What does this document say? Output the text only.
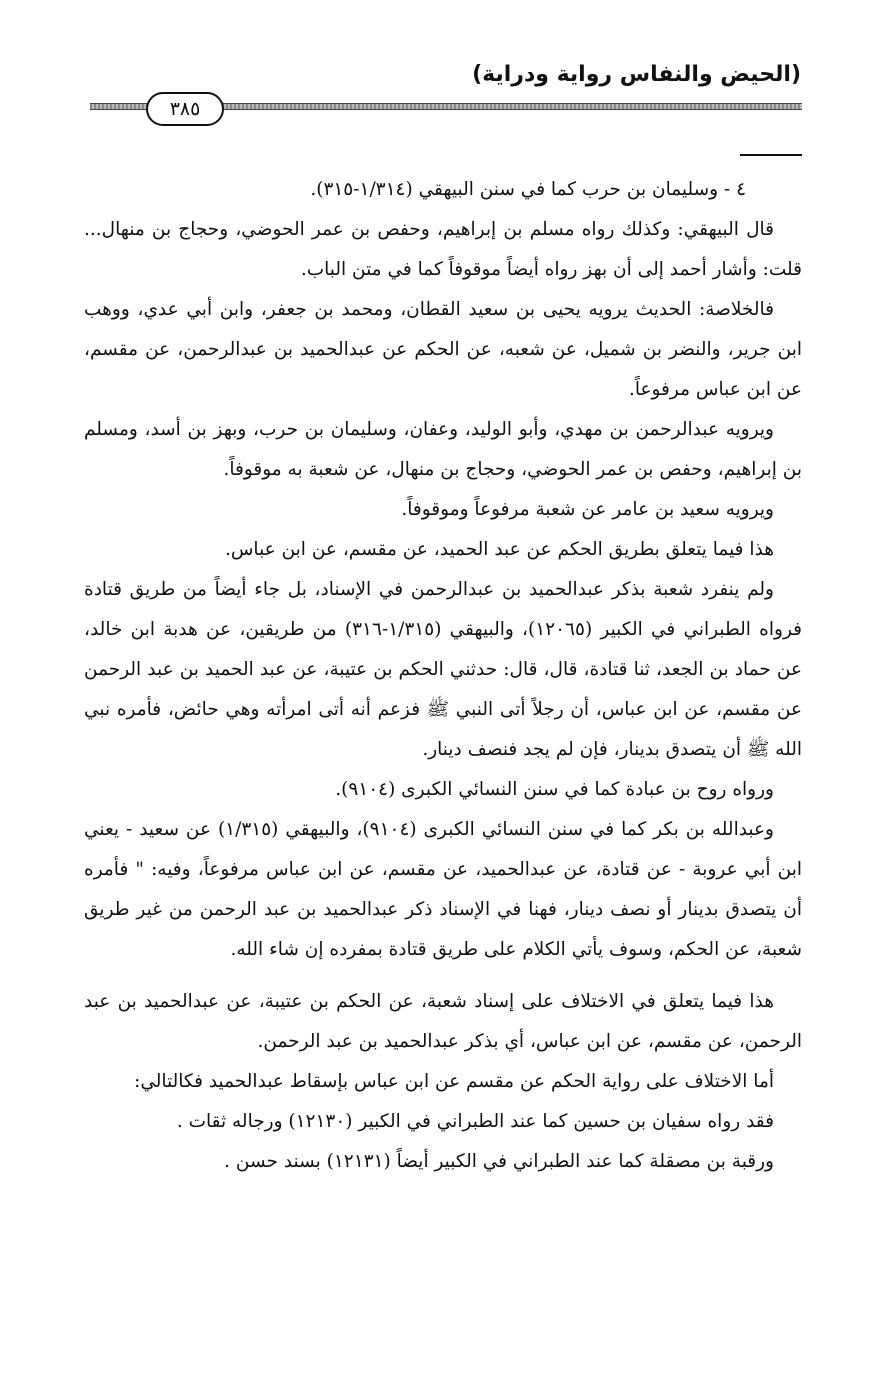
(الحيض والنفاس رواية ودراية)
٣٨٥

٤ - وسليمان بن حرب كما في سنن البيهقي (١/٣١٤-٣١٥).

قال البيهقي: وكذلك رواه مسلم بن إبراهيم، وحفص بن عمر الحوضي، وحجاج بن منهال... قلت: وأشار أحمد إلى أن بهز رواه أيضاً موقوفاً كما في متن الباب.

فالخلاصة: الحديث يرويه يحيى بن سعيد القطان، ومحمد بن جعفر، وابن أبي عدي، ووهب ابن جرير، والنضر بن شميل، عن شعبه، عن الحكم عن عبدالحميد بن عبدالرحمن، عن مقسم، عن ابن عباس مرفوعاً.

ويرويه عبدالرحمن بن مهدي، وأبو الوليد، وعفان، وسليمان بن حرب، وبهز بن أسد، ومسلم بن إبراهيم، وحفص بن عمر الحوضي، وحجاج بن منهال، عن شعبة به موقوفاً.

ويرويه سعيد بن عامر عن شعبة مرفوعاً وموقوفاً.

هذا فيما يتعلق بطريق الحكم عن عبد الحميد، عن مقسم، عن ابن عباس.

ولم ينفرد شعبة بذكر عبدالحميد بن عبدالرحمن في الإسناد، بل جاء أيضاً من طريق قتادة فرواه الطبراني في الكبير (١٢٠٦٥)، والبيهقي (١/٣١٥-٣١٦) من طريقين، عن هدبة ابن خالد، عن حماد بن الجعد، ثنا قتادة، قال، قال: حدثني الحكم بن عتيبة، عن عبد الحميد بن عبد الرحمن عن مقسم، عن ابن عباس، أن رجلاً أتى النبي ﷺ فزعم أنه أتى امرأته وهي حائض، فأمره نبي الله ﷺ أن يتصدق بدينار، فإن لم يجد فنصف دينار.

ورواه روح بن عبادة كما في سنن النسائي الكبرى (٩١٠٤).

وعبدالله بن بكر كما في سنن النسائي الكبرى (٩١٠٤)، والبيهقي (١/٣١٥) عن سعيد - يعني ابن أبي عروبة - عن قتادة، عن عبدالحميد، عن مقسم، عن ابن عباس مرفوعاً، وفيه: " فأمره أن يتصدق بدينار أو نصف دينار، فهنا في الإسناد ذكر عبدالحميد بن عبد الرحمن من غير طريق شعبة، عن الحكم، وسوف يأتي الكلام على طريق قتادة بمفرده إن شاء الله.

هذا فيما يتعلق في الاختلاف على إسناد شعبة، عن الحكم بن عتيبة، عن عبدالحميد بن عبد الرحمن، عن مقسم، عن ابن عباس، أي بذكر عبدالحميد بن عبد الرحمن.

أما الاختلاف على رواية الحكم عن مقسم عن ابن عباس بإسقاط عبدالحميد فكالتالي:

فقد رواه سفيان بن حسين كما عند الطبراني في الكبير (١٢١٣٠) ورجاله ثقات .

ورقبة بن مصقلة كما عند الطبراني في الكبير أيضاً (١٢١٣١) بسند حسن .
